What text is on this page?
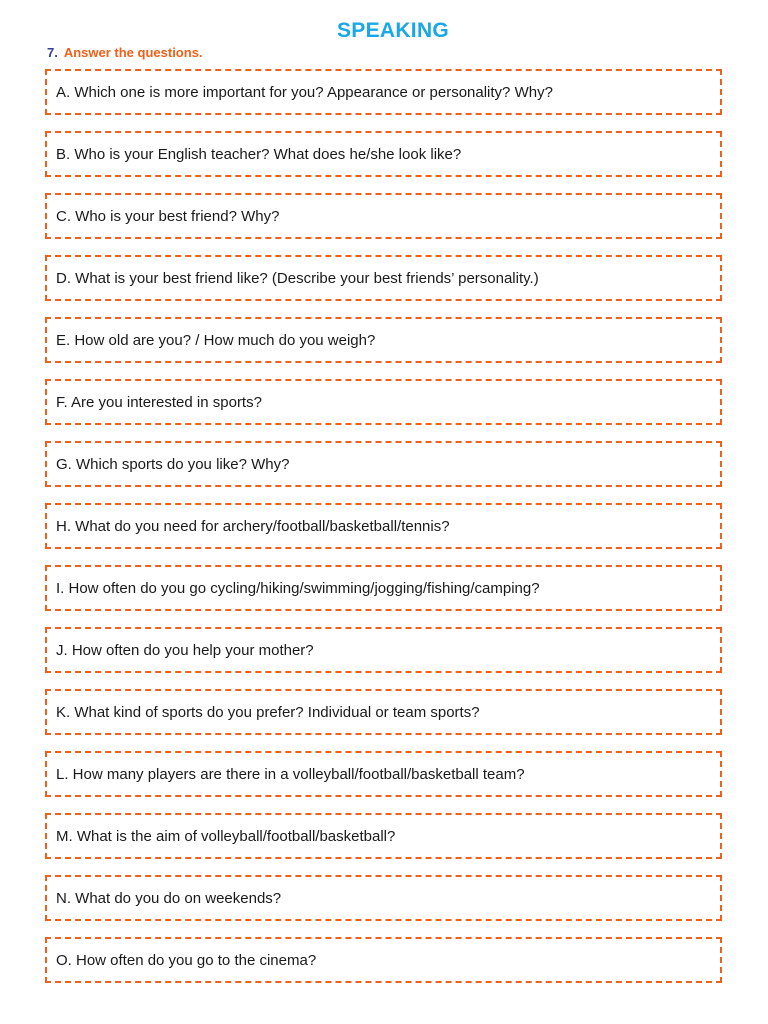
SPEAKING
7. Answer the questions.
A. Which one is more important for you? Appearance or personality? Why?
B. Who is your English teacher? What does he/she look like?
C. Who is your best friend? Why?
D. What is your best friend like? (Describe your best friends’ personality.)
E. How old are you? / How much do you weigh?
F. Are you interested in sports?
G. Which sports do you like? Why?
H. What do you need for archery/football/basketball/tennis?
I. How often do you go cycling/hiking/swimming/jogging/fishing/camping?
J. How often do you help your mother?
K. What kind of sports do you prefer? Individual or team sports?
L. How many players are there in a volleyball/football/basketball team?
M. What is the aim of volleyball/football/basketball?
N. What do you do on weekends?
O. How often do you go to the cinema?
